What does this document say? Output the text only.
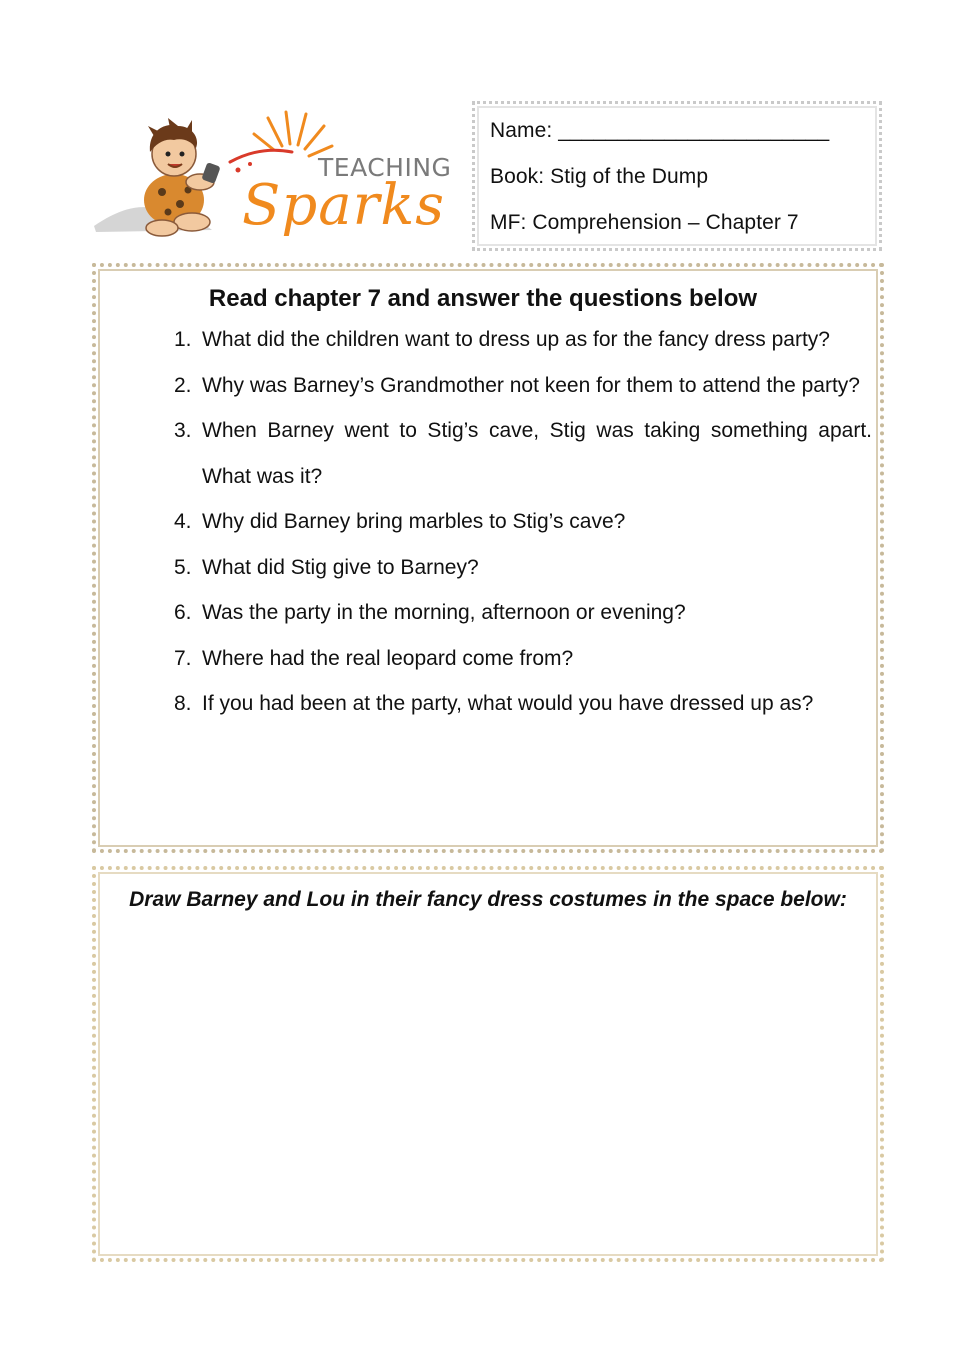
TEACHING
Sparks
Name: _______________________
Book: Stig of the Dump
MF: Comprehension – Chapter 7
Read chapter 7 and answer the questions below
1. What did the children want to dress up as for the fancy dress party?
2. Why was Barney’s Grandmother not keen for them to attend the party?
3. When Barney went to Stig’s cave, Stig was taking something apart. What was it?
4. Why did Barney bring marbles to Stig’s cave?
5. What did Stig give to Barney?
6. Was the party in the morning, afternoon or evening?
7. Where had the real leopard come from?
8. If you had been at the party, what would you have dressed up as?
Draw Barney and Lou in their fancy dress costumes in the space below:
